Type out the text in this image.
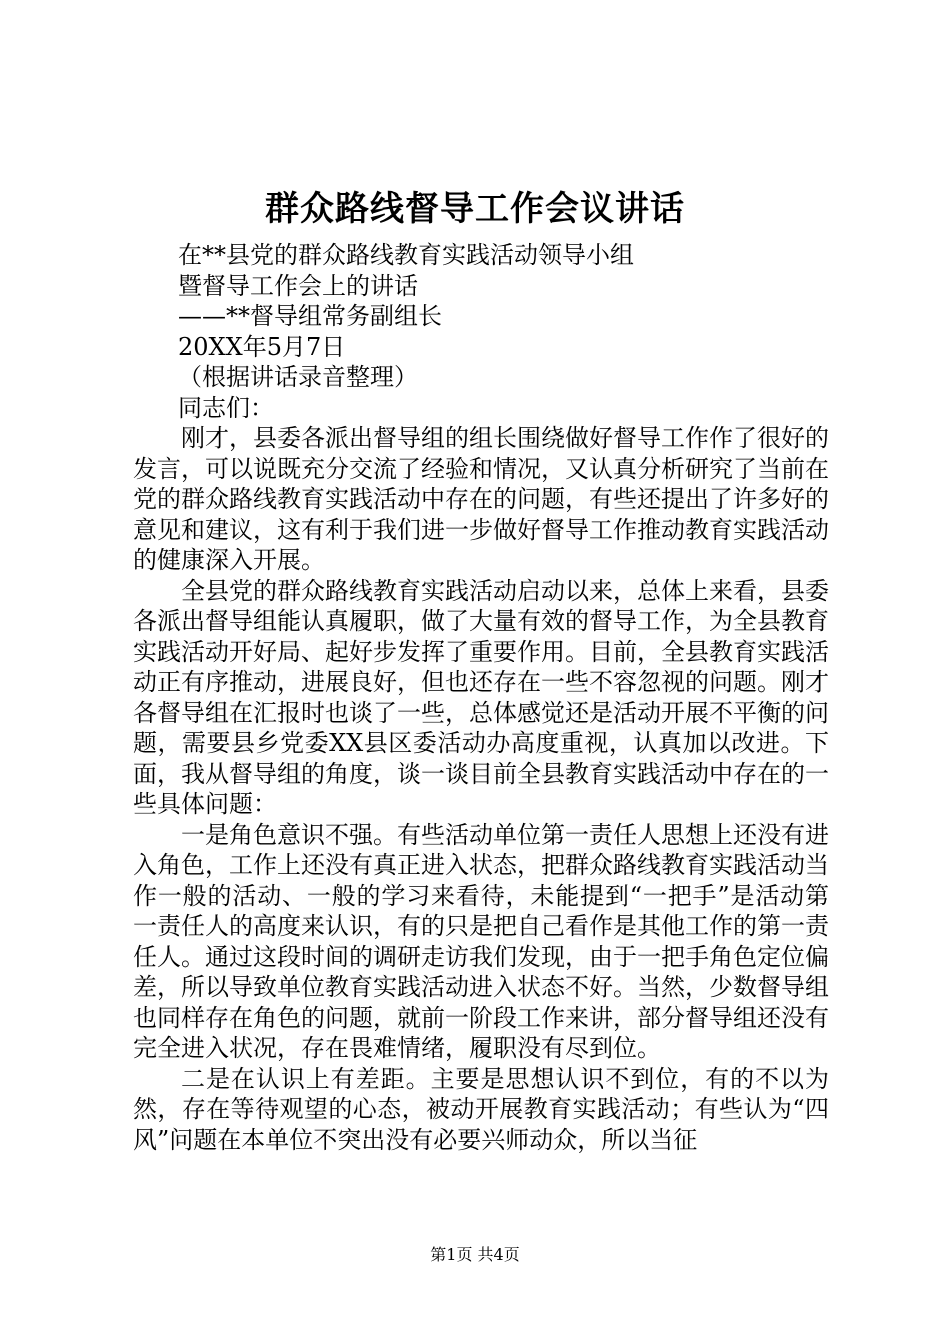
群众路线督导工作会议讲话
在**县党的群众路线教育实践活动领导小组
暨督导工作会上的讲话
——**督导组常务副组长
20XX年5月7日
（根据讲话录音整理）
同志们：

刚才，县委各派出督导组的组长围绕做好督导工作作了很好的发言，可以说既充分交流了经验和情况，又认真分析研究了当前在党的群众路线教育实践活动中存在的问题，有些还提出了许多好的意见和建议，这有利于我们进一步做好督导工作推动教育实践活动的健康深入开展。

全县党的群众路线教育实践活动启动以来，总体上来看，县委各派出督导组能认真履职，做了大量有效的督导工作，为全县教育实践活动开好局、起好步发挥了重要作用。目前，全县教育实践活动正有序推动，进展良好，但也还存在一些不容忽视的问题。刚才各督导组在汇报时也谈了一些，总体感觉还是活动开展不平衡的问题，需要县乡党委XX县区委活动办高度重视，认真加以改进。下面，我从督导组的角度，谈一谈目前全县教育实践活动中存在的一些具体问题：

一是角色意识不强。有些活动单位第一责任人思想上还没有进入角色，工作上还没有真正进入状态，把群众路线教育实践活动当作一般的活动、一般的学习来看待，未能提到“一把手”是活动第一责任人的高度来认识，有的只是把自己看作是其他工作的第一责任人。通过这段时间的调研走访我们发现，由于一把手角色定位偏差，所以导致单位教育实践活动进入状态不好。当然，少数督导组也同样存在角色的问题，就前一阶段工作来讲，部分督导组还没有完全进入状况，存在畏难情绪，履职没有尽到位。

二是在认识上有差距。主要是思想认识不到位，有的不以为然，存在等待观望的心态，被动开展教育实践活动；有些认为“四风”问题在本单位不突出没有必要兴师动众，所以当征

第1页 共4页
